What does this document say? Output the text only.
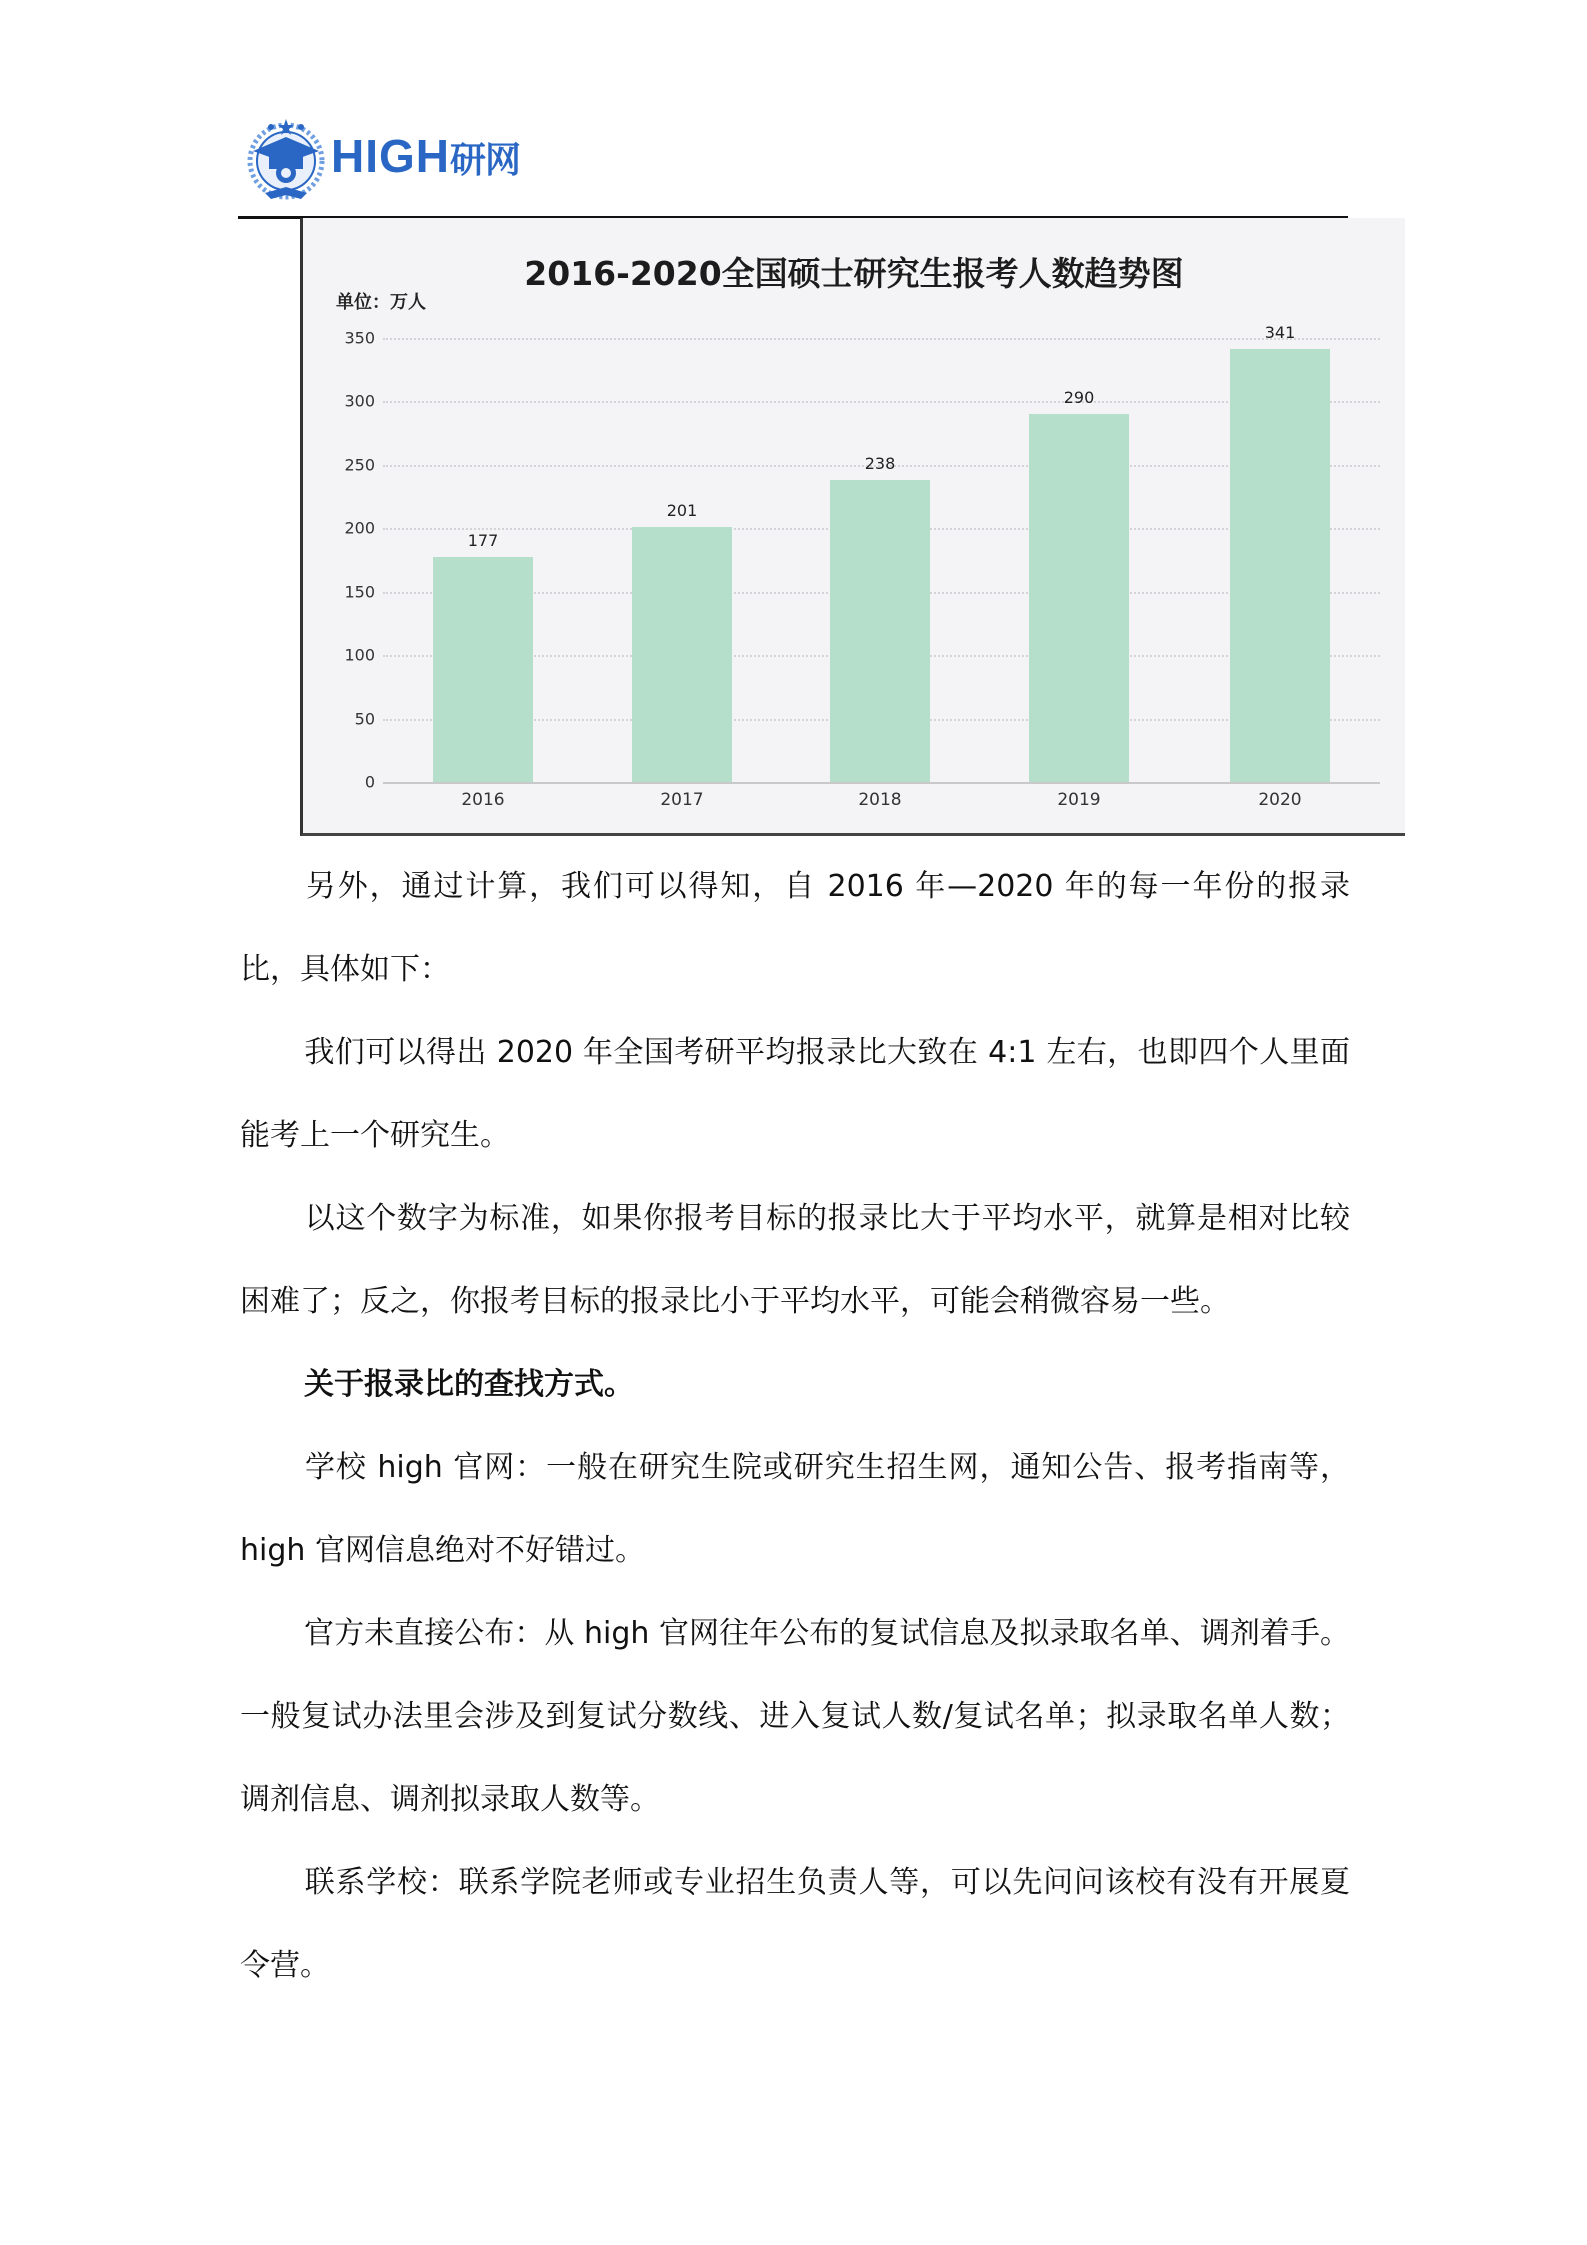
HIGH研网
2016-2020全国硕士研究生报考人数趋势图
单位：万人
350
300
250
200
150
100
50
0
177
2016
201
2017
238
2018
290
2019
341
2020
另外，通过计算，我们可以得知，自 2016 年—2020 年的每一年份的报录比，具体如下：
我们可以得出 2020 年全国考研平均报录比大致在 4:1 左右，也即四个人里面能考上一个研究生。
以这个数字为标准，如果你报考目标的报录比大于平均水平，就算是相对比较困难了；反之，你报考目标的报录比小于平均水平，可能会稍微容易一些。
关于报录比的查找方式。
学校 high 官网：一般在研究生院或研究生招生网，通知公告、报考指南等，high 官网信息绝对不好错过。
官方未直接公布：从 high 官网往年公布的复试信息及拟录取名单、调剂着手。一般复试办法里会涉及到复试分数线、进入复试人数/复试名单；拟录取名单人数；调剂信息、调剂拟录取人数等。
联系学校：联系学院老师或专业招生负责人等，可以先问问该校有没有开展夏令营。
